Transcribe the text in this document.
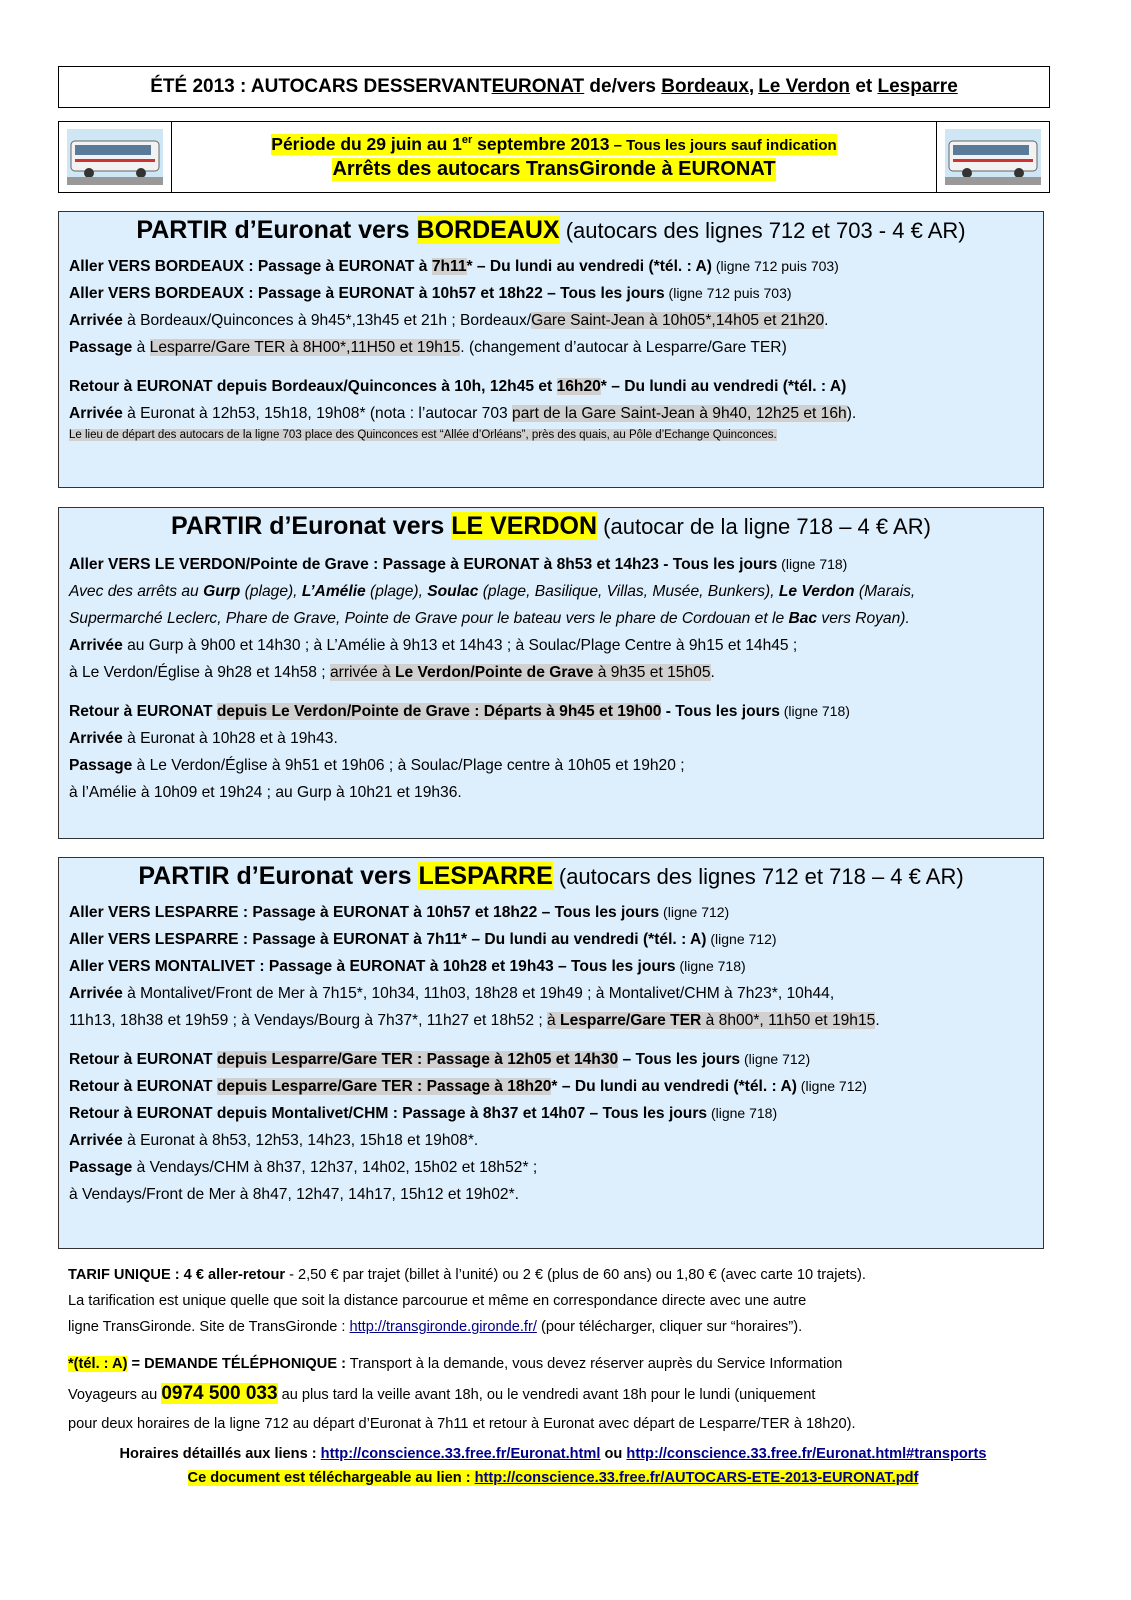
ÉTÉ 2013 : AUTOCARS DESSERVANT EURONAT de/vers Bordeaux , Le Verdon et Lesparre
Période du 29 juin au 1er septembre 2013 – Tous les jours sauf indication
Arrêts des autocars TransGironde à EURONAT
PARTIR d’Euronat vers BORDEAUX (autocars des lignes 712 et 703 - 4 € AR)
Aller VERS BORDEAUX : Passage à EURONAT à 7h11* – Du lundi au vendredi (*tél. : A) (ligne 712 puis 703)
Aller VERS BORDEAUX : Passage à EURONAT à 10h57 et 18h22 – Tous les jours (ligne 712 puis 703)
Arrivée à Bordeaux/Quinconces à 9h45*,13h45 et 21h ; Bordeaux/Gare Saint-Jean à 10h05*,14h05 et 21h20.
Passage à Lesparre/Gare TER à 8H00*,11H50 et 19h15. (changement d’autocar à Lesparre/Gare TER)
Retour à EURONAT depuis Bordeaux/Quinconces à 10h, 12h45 et 16h20* – Du lundi au vendredi (*tél. : A)
Arrivée à Euronat à 12h53, 15h18, 19h08* (nota : l’autocar 703 part de la Gare Saint-Jean à 9h40, 12h25 et 16h).
Le lieu de départ des autocars de la ligne 703 place des Quinconces est “Allée d’Orléans”, près des quais, au Pôle d’Echange Quinconces.
PARTIR d’Euronat vers LE VERDON (autocar de la ligne 718 – 4 € AR)
Aller VERS LE VERDON/Pointe de Grave : Passage à EURONAT à 8h53 et 14h23 - Tous les jours (ligne 718)
Avec des arrêts au Gurp (plage), L’Amélie (plage), Soulac (plage, Basilique, Villas, Musée, Bunkers), Le Verdon (Marais,
Supermarché Leclerc, Phare de Grave, Pointe de Grave pour le bateau vers le phare de Cordouan et le Bac vers Royan).
Arrivée au Gurp à 9h00 et 14h30 ; à L’Amélie à 9h13 et 14h43 ; à Soulac/Plage Centre à 9h15 et 14h45 ;
à Le Verdon/Église à 9h28 et 14h58 ; arrivée à Le Verdon/Pointe de Grave à 9h35 et 15h05.
Retour à EURONAT depuis Le Verdon/Pointe de Grave : Départs à 9h45 et 19h00 - Tous les jours (ligne 718)
Arrivée à Euronat à 10h28 et à 19h43.
Passage à Le Verdon/Église à 9h51 et 19h06 ; à Soulac/Plage centre à 10h05 et 19h20 ;
à l’Amélie à 10h09 et 19h24 ; au Gurp à 10h21 et 19h36.
PARTIR d’Euronat vers LESPARRE (autocars des lignes 712 et 718 – 4 € AR)
Aller VERS LESPARRE : Passage à EURONAT à 10h57 et 18h22 – Tous les jours (ligne 712)
Aller VERS LESPARRE : Passage à EURONAT à 7h11* – Du lundi au vendredi (*tél. : A) (ligne 712)
Aller VERS MONTALIVET : Passage à EURONAT à 10h28 et 19h43 – Tous les jours (ligne 718)
Arrivée à Montalivet/Front de Mer à 7h15*, 10h34, 11h03, 18h28 et 19h49 ; à Montalivet/CHM à 7h23*, 10h44,
11h13, 18h38 et 19h59 ; à Vendays/Bourg à 7h37*, 11h27 et 18h52 ; à Lesparre/Gare TER à 8h00*, 11h50 et 19h15.
Retour à EURONAT depuis Lesparre/Gare TER : Passage à 12h05 et 14h30 – Tous les jours (ligne 712)
Retour à EURONAT depuis Lesparre/Gare TER : Passage à 18h20* – Du lundi au vendredi (*tél. : A) (ligne 712)
Retour à EURONAT depuis Montalivet/CHM : Passage à 8h37 et 14h07 – Tous les jours (ligne 718)
Arrivée à Euronat à 8h53, 12h53, 14h23, 15h18 et 19h08*.
Passage à Vendays/CHM à 8h37, 12h37, 14h02, 15h02 et 18h52* ;
à Vendays/Front de Mer à 8h47, 12h47, 14h17, 15h12 et 19h02*.
TARIF UNIQUE : 4 € aller-retour - 2,50 € par trajet (billet à l’unité) ou 2 € (plus de 60 ans) ou 1,80 € (avec carte 10 trajets).
La tarification est unique quelle que soit la distance parcourue et même en correspondance directe avec une autre
ligne TransGironde. Site de TransGironde : http://transgironde.gironde.fr/ (pour télécharger, cliquer sur “horaires”).
*(tél. : A) = DEMANDE TÉLÉPHONIQUE : Transport à la demande, vous devez réserver auprès du Service Information
Voyageurs au 0974 500 033 au plus tard la veille avant 18h, ou le vendredi avant 18h pour le lundi (uniquement
pour deux horaires de la ligne 712 au départ d’Euronat à 7h11 et retour à Euronat avec départ de Lesparre/TER à 18h20).
Horaires détaillés aux liens : http://conscience.33.free.fr/Euronat.html ou http://conscience.33.free.fr/Euronat.html#transports
Ce document est téléchargeable au lien : http://conscience.33.free.fr/AUTOCARS-ETE-2013-EURONAT.pdf
